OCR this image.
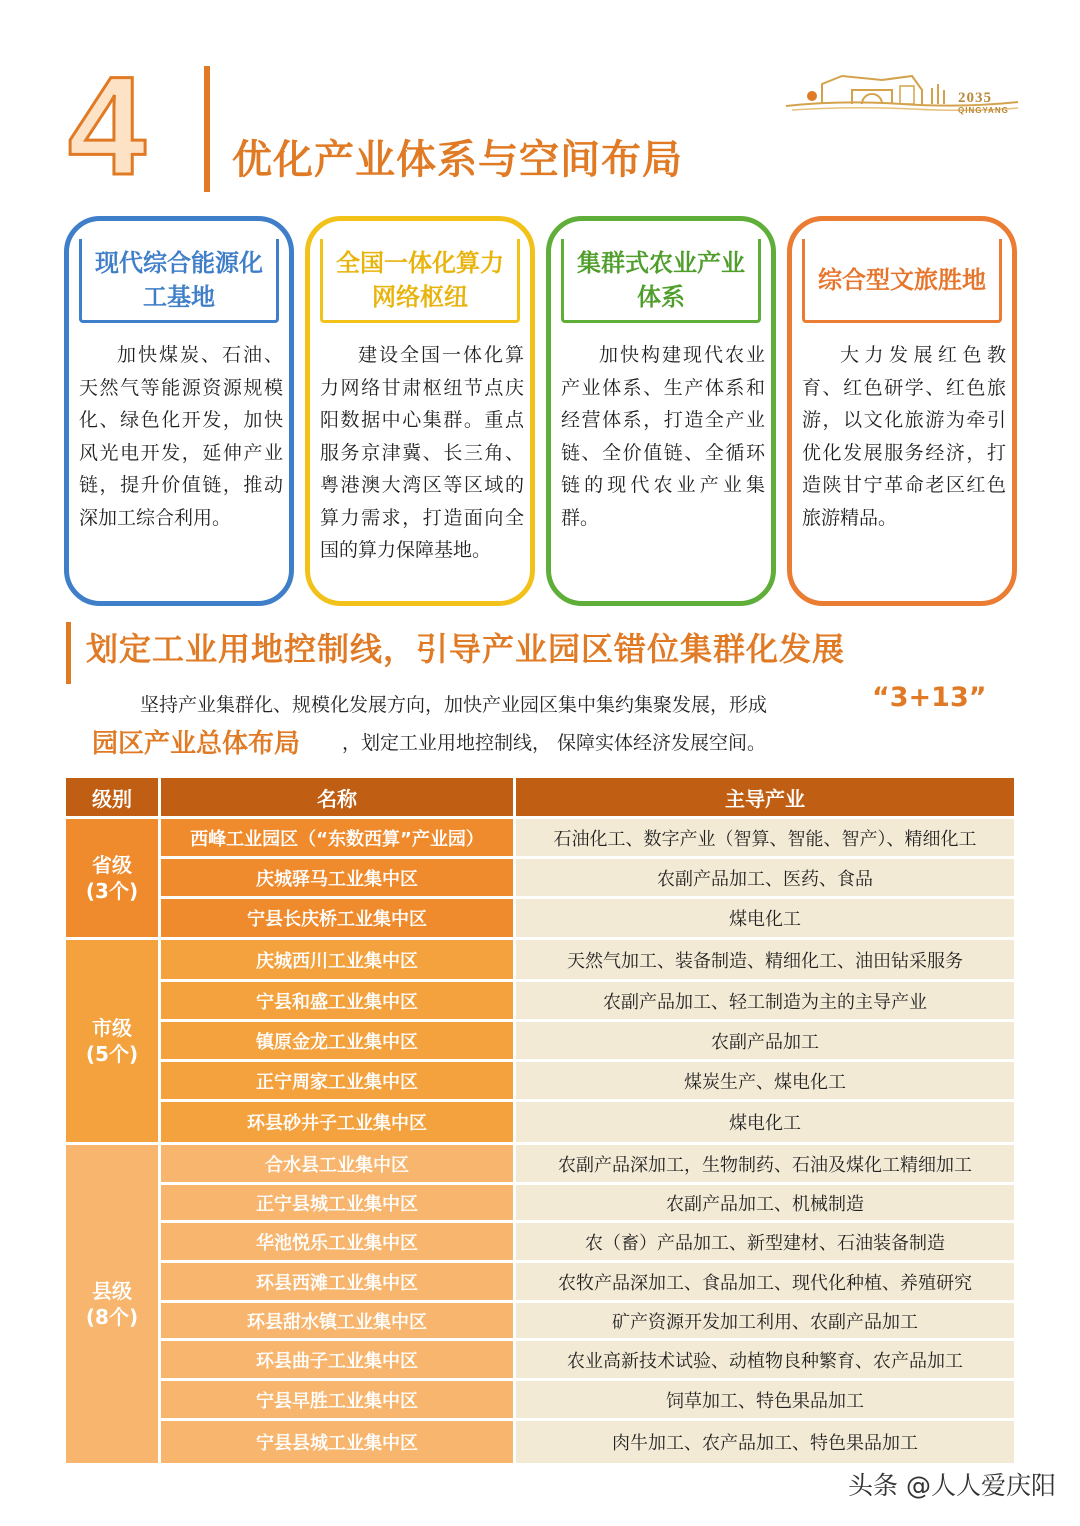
4 优化产业体系与空间布局
2035
QINGYANG
现代综合能源化工基地
加快煤炭、石油、天然气等能源资源规模化、绿色化开发，加快风光电开发，延伸产业链，提升价值链，推动深加工综合利用。
全国一体化算力网络枢纽
建设全国一体化算力网络甘肃枢纽节点庆阳数据中心集群。重点服务京津冀、长三角、粤港澳大湾区等区域的算力需求，打造面向全国的算力保障基地。
集群式农业产业体系
加快构建现代农业产业体系、生产体系和经营体系，打造全产业链、全价值链、全循环链的现代农业产业集群。
综合型文旅胜地
大力发展红色教育、红色研学、红色旅游，以文化旅游为牵引优化发展服务经济，打造陕甘宁革命老区红色旅游精品。
划定工业用地控制线，引导产业园区错位集群化发展
坚持产业集群化、规模化发展方向，加快产业园区集中集约集聚发展，形成	“3+13”
园区产业总体布局 ，划定工业用地控制线， 保障实体经济发展空间。
级别	名称	主导产业
省级
(3个)
西峰工业园区（“东数西算”产业园）	石油化工、数字产业（智算、智能、智产）、精细化工
庆城驿马工业集中区	农副产品加工、医药、食品
宁县长庆桥工业集中区	煤电化工
市级
(5个)
庆城西川工业集中区	天然气加工、装备制造、精细化工、油田钻采服务
宁县和盛工业集中区	农副产品加工、轻工制造为主的主导产业
镇原金龙工业集中区	农副产品加工
正宁周家工业集中区	煤炭生产、煤电化工
环县砂井子工业集中区	煤电化工
县级
(8个)
合水县工业集中区	农副产品深加工，生物制药、石油及煤化工精细加工
正宁县城工业集中区	农副产品加工、机械制造
华池悦乐工业集中区	农（畜）产品加工、新型建材、石油装备制造
环县西滩工业集中区	农牧产品深加工、食品加工、现代化种植、养殖研究
环县甜水镇工业集中区	矿产资源开发加工利用、农副产品加工
环县曲子工业集中区	农业高新技术试验、动植物良种繁育、农产品加工
宁县早胜工业集中区	饲草加工、特色果品加工
宁县县城工业集中区	肉牛加工、农产品加工、特色果品加工
头条 @人人爱庆阳
